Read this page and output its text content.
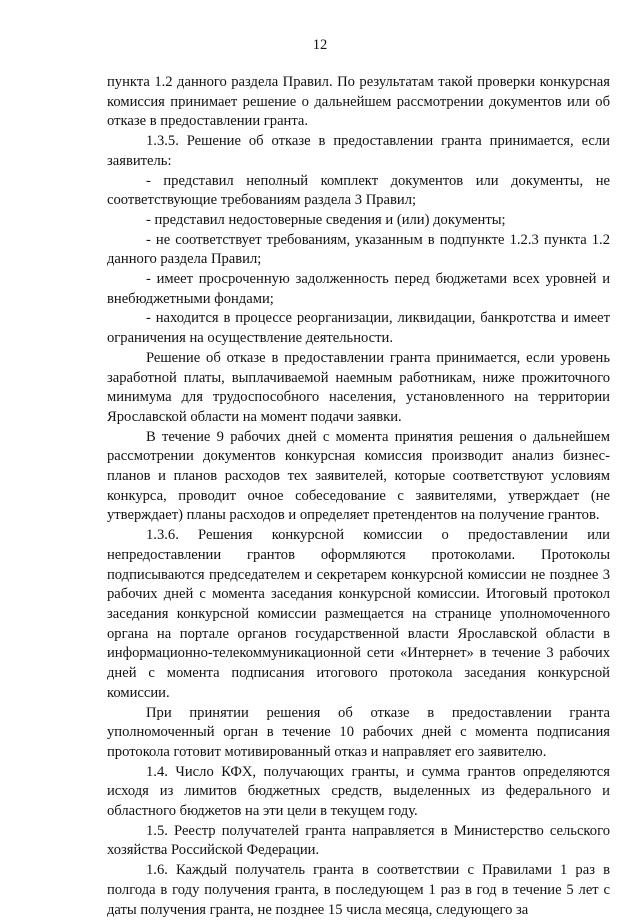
12

пункта 1.2 данного раздела Правил. По результатам такой проверки конкурсная комиссия принимает решение о дальнейшем рассмотрении документов или об отказе в предоставлении гранта.

1.3.5. Решение об отказе в предоставлении гранта принимается, если заявитель:

- представил неполный комплект документов или документы, не соответствующие требованиям раздела 3 Правил;

- представил недостоверные сведения и (или) документы;

- не соответствует требованиям, указанным в подпункте 1.2.3 пункта 1.2 данного раздела Правил;

- имеет просроченную задолженность перед бюджетами всех уровней и внебюджетными фондами;

- находится в процессе реорганизации, ликвидации, банкротства и имеет ограничения на осуществление деятельности.

Решение об отказе в предоставлении гранта принимается, если уровень заработной платы, выплачиваемой наемным работникам, ниже прожиточного минимума для трудоспособного населения, установленного на территории Ярославской области на момент подачи заявки.

В течение 9 рабочих дней с момента принятия решения о дальнейшем рассмотрении документов конкурсная комиссия производит анализ бизнес-планов и планов расходов тех заявителей, которые соответствуют условиям конкурса, проводит очное собеседование с заявителями, утверждает (не утверждает) планы расходов и определяет претендентов на получение грантов.

1.3.6. Решения конкурсной комиссии о предоставлении или непредоставлении грантов оформляются протоколами. Протоколы подписываются председателем и секретарем конкурсной комиссии не позднее 3 рабочих дней с момента заседания конкурсной комиссии. Итоговый протокол заседания конкурсной комиссии размещается на странице уполномоченного органа на портале органов государственной власти Ярославской области в информационно-телекоммуникационной сети «Интернет» в течение 3 рабочих дней с момента подписания итогового протокола заседания конкурсной комиссии.

При принятии решения об отказе в предоставлении гранта уполномоченный орган в течение 10 рабочих дней с момента подписания протокола готовит мотивированный отказ и направляет его заявителю.

1.4. Число КФХ, получающих гранты, и сумма грантов определяются исходя из лимитов бюджетных средств, выделенных из федерального и областного бюджетов на эти цели в текущем году.

1.5. Реестр получателей гранта направляется в Министерство сельского хозяйства Российской Федерации.

1.6. Каждый получатель гранта в соответствии с Правилами 1 раз в полгода в году получения гранта, в последующем 1 раз в год в течение 5 лет с даты получения гранта, не позднее 15 числа месяца, следующего за
